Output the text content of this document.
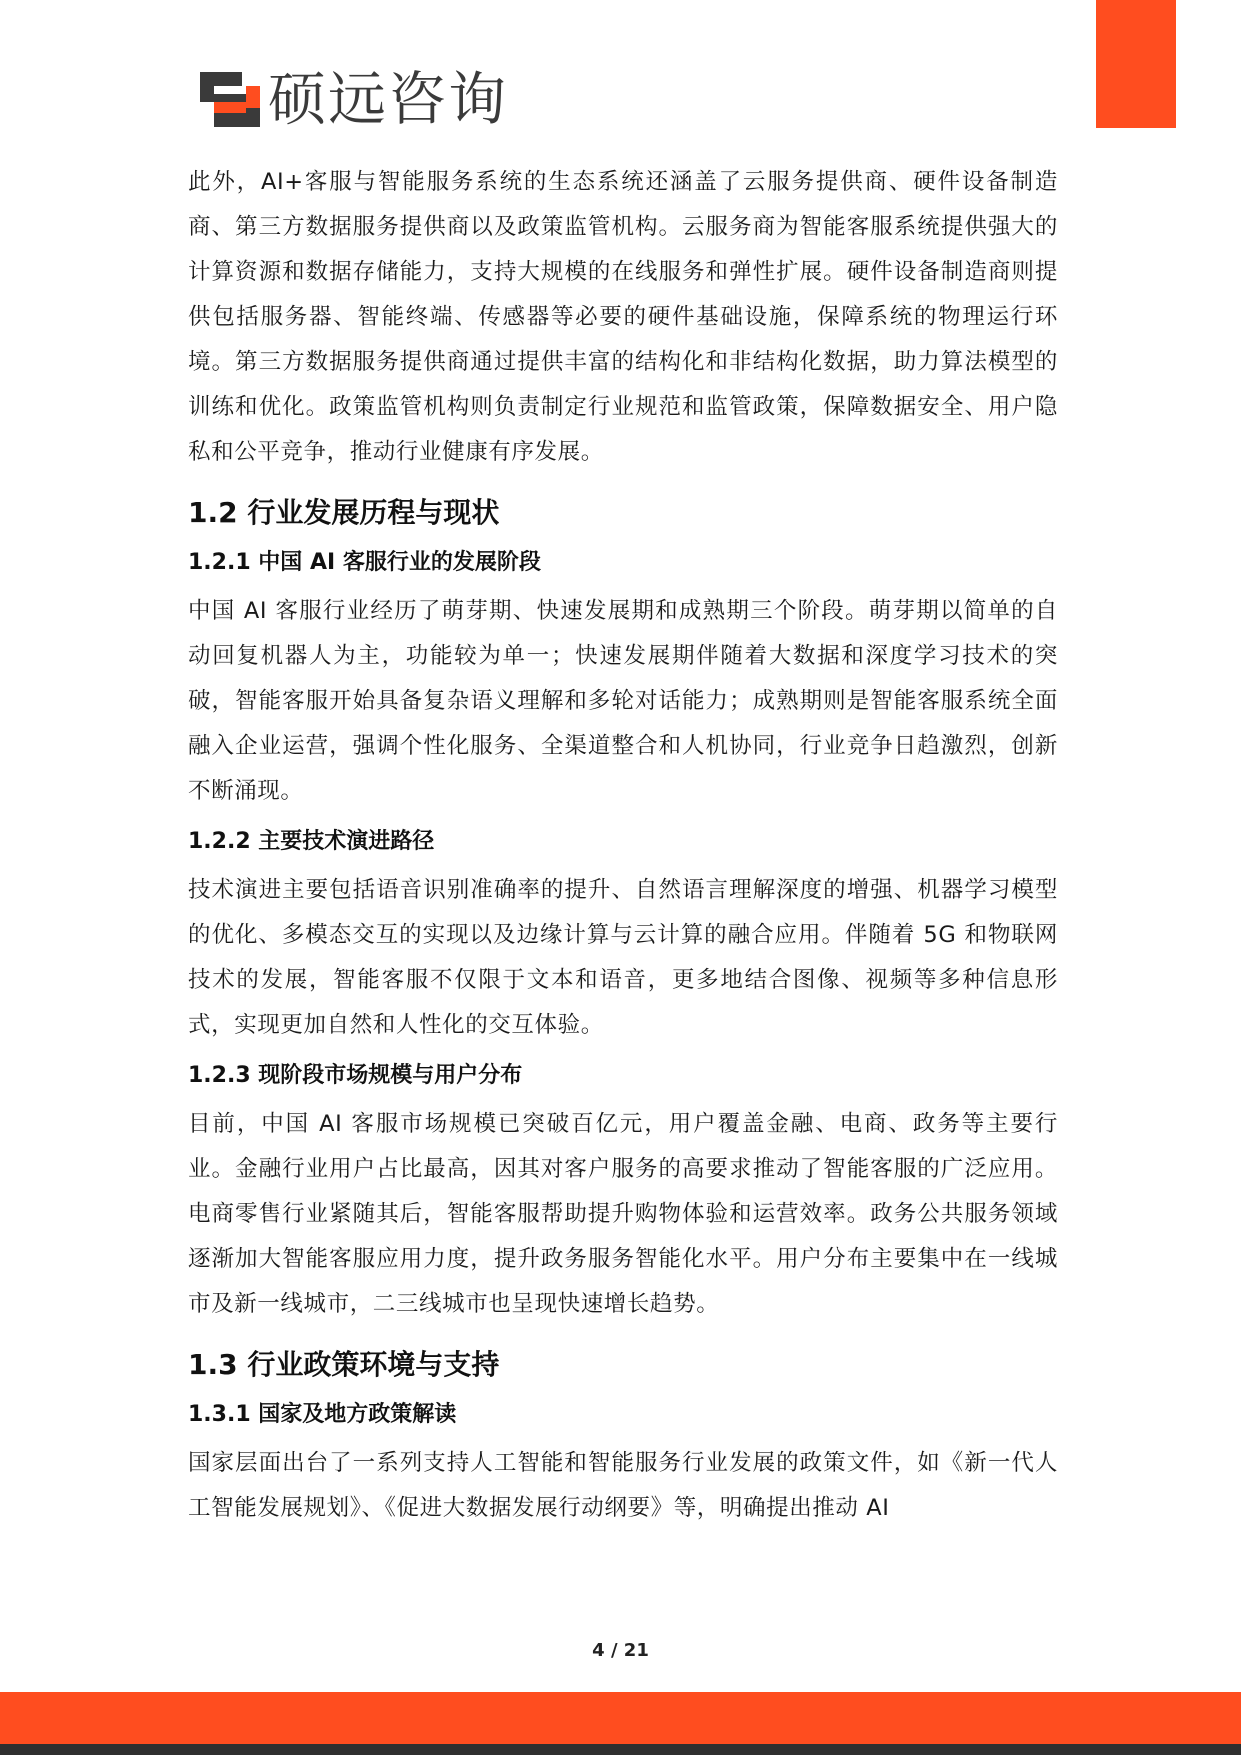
硕远咨询

此外，AI+客服与智能服务系统的生态系统还涵盖了云服务提供商、硬件设备制造商、第三方数据服务提供商以及政策监管机构。云服务商为智能客服系统提供强大的计算资源和数据存储能力，支持大规模的在线服务和弹性扩展。硬件设备制造商则提供包括服务器、智能终端、传感器等必要的硬件基础设施，保障系统的物理运行环境。第三方数据服务提供商通过提供丰富的结构化和非结构化数据，助力算法模型的训练和优化。政策监管机构则负责制定行业规范和监管政策，保障数据安全、用户隐私和公平竞争，推动行业健康有序发展。

1.2 行业发展历程与现状
1.2.1 中国 AI 客服行业的发展阶段

中国 AI 客服行业经历了萌芽期、快速发展期和成熟期三个阶段。萌芽期以简单的自动回复机器人为主，功能较为单一；快速发展期伴随着大数据和深度学习技术的突破，智能客服开始具备复杂语义理解和多轮对话能力；成熟期则是智能客服系统全面融入企业运营，强调个性化服务、全渠道整合和人机协同，行业竞争日趋激烈，创新不断涌现。

1.2.2 主要技术演进路径

技术演进主要包括语音识别准确率的提升、自然语言理解深度的增强、机器学习模型的优化、多模态交互的实现以及边缘计算与云计算的融合应用。伴随着 5G 和物联网技术的发展，智能客服不仅限于文本和语音，更多地结合图像、视频等多种信息形式，实现更加自然和人性化的交互体验。

1.2.3 现阶段市场规模与用户分布

目前，中国 AI 客服市场规模已突破百亿元，用户覆盖金融、电商、政务等主要行业。金融行业用户占比最高，因其对客户服务的高要求推动了智能客服的广泛应用。电商零售行业紧随其后，智能客服帮助提升购物体验和运营效率。政务公共服务领域逐渐加大智能客服应用力度，提升政务服务智能化水平。用户分布主要集中在一线城市及新一线城市，二三线城市也呈现快速增长趋势。

1.3 行业政策环境与支持
1.3.1 国家及地方政策解读

国家层面出台了一系列支持人工智能和智能服务行业发展的政策文件，如《新一代人工智能发展规划》、《促进大数据发展行动纲要》等，明确提出推动 AI

4 / 21
